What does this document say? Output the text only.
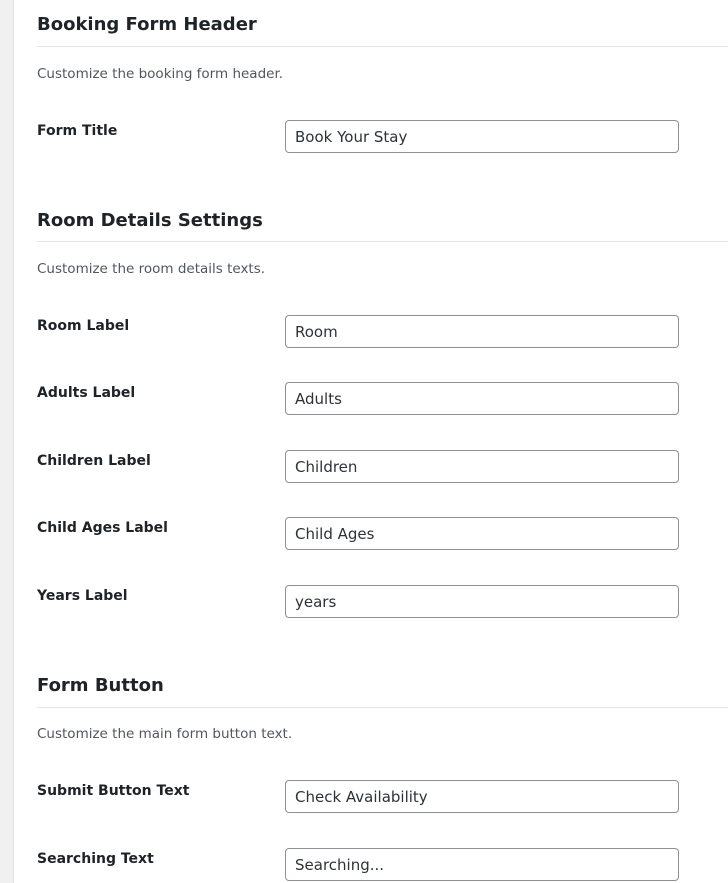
Booking Form Header

Customize the booking form header.

Form Title
Book Your Stay
Room Details Settings

Customize the room details texts.

Room Label
Room
Adults Label
Adults
Children Label
Children
Child Ages Label
Child Ages
Years Label
years
Form Button

Customize the main form button text.

Submit Button Text
Check Availability
Searching Text
Searching...
